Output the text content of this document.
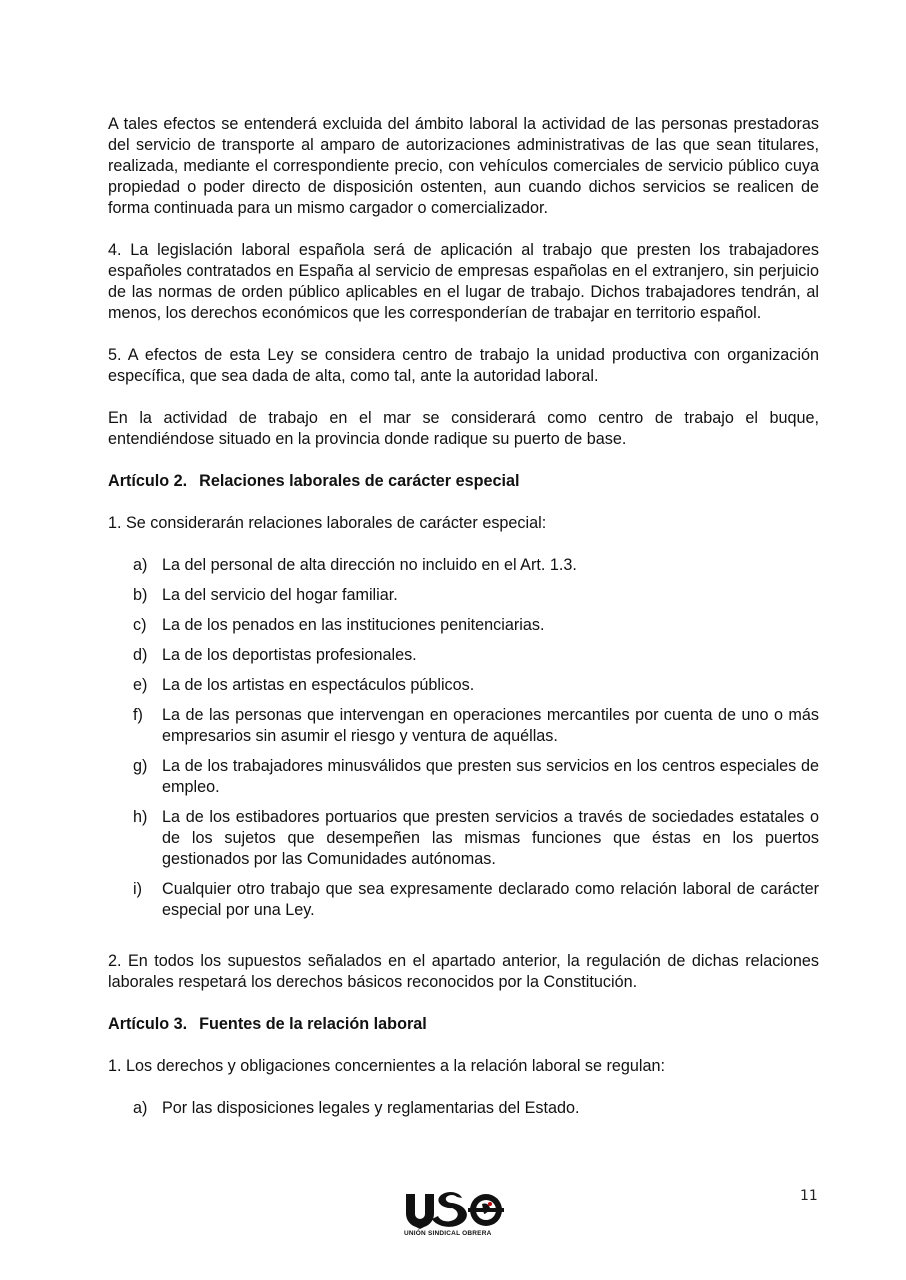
A tales efectos se entenderá excluida del ámbito laboral la actividad de las personas prestadoras del servicio de transporte al amparo de autorizaciones administrativas de las que sean titulares, realizada, mediante el correspondiente precio, con vehículos comerciales de servicio público cuya propiedad o poder directo de disposición ostenten, aun cuando dichos servicios se realicen de forma continuada para un mismo cargador o comercializador.

4. La legislación laboral española será de aplicación al trabajo que presten los trabajadores españoles contratados en España al servicio de empresas españolas en el extranjero, sin perjuicio de las normas de orden público aplicables en el lugar de trabajo. Dichos trabajadores tendrán, al menos, los derechos económicos que les corresponderían de trabajar en territorio español.

5. A efectos de esta Ley se considera centro de trabajo la unidad productiva con organización específica, que sea dada de alta, como tal, ante la autoridad laboral.

En la actividad de trabajo en el mar se considerará como centro de trabajo el buque, entendiéndose situado en la provincia donde radique su puerto de base.

Artículo 2. Relaciones laborales de carácter especial

1. Se considerarán relaciones laborales de carácter especial:

a) La del personal de alta dirección no incluido en el Art. 1.3.
b) La del servicio del hogar familiar.
c) La de los penados en las instituciones penitenciarias.
d) La de los deportistas profesionales.
e) La de los artistas en espectáculos públicos.
f) La de las personas que intervengan en operaciones mercantiles por cuenta de uno o más empresarios sin asumir el riesgo y ventura de aquéllas.
g) La de los trabajadores minusválidos que presten sus servicios en los centros especiales de empleo.
h) La de los estibadores portuarios que presten servicios a través de sociedades estatales o de los sujetos que desempeñen las mismas funciones que éstas en los puertos gestionados por las Comunidades autónomas.
i) Cualquier otro trabajo que sea expresamente declarado como relación laboral de carácter especial por una Ley.

2. En todos los supuestos señalados en el apartado anterior, la regulación de dichas relaciones laborales respetará los derechos básicos reconocidos por la Constitución.

Artículo 3. Fuentes de la relación laboral

1. Los derechos y obligaciones concernientes a la relación laboral se regulan:

a) Por las disposiciones legales y reglamentarias del Estado.
11
UNIÓN SINDICAL OBRERA
